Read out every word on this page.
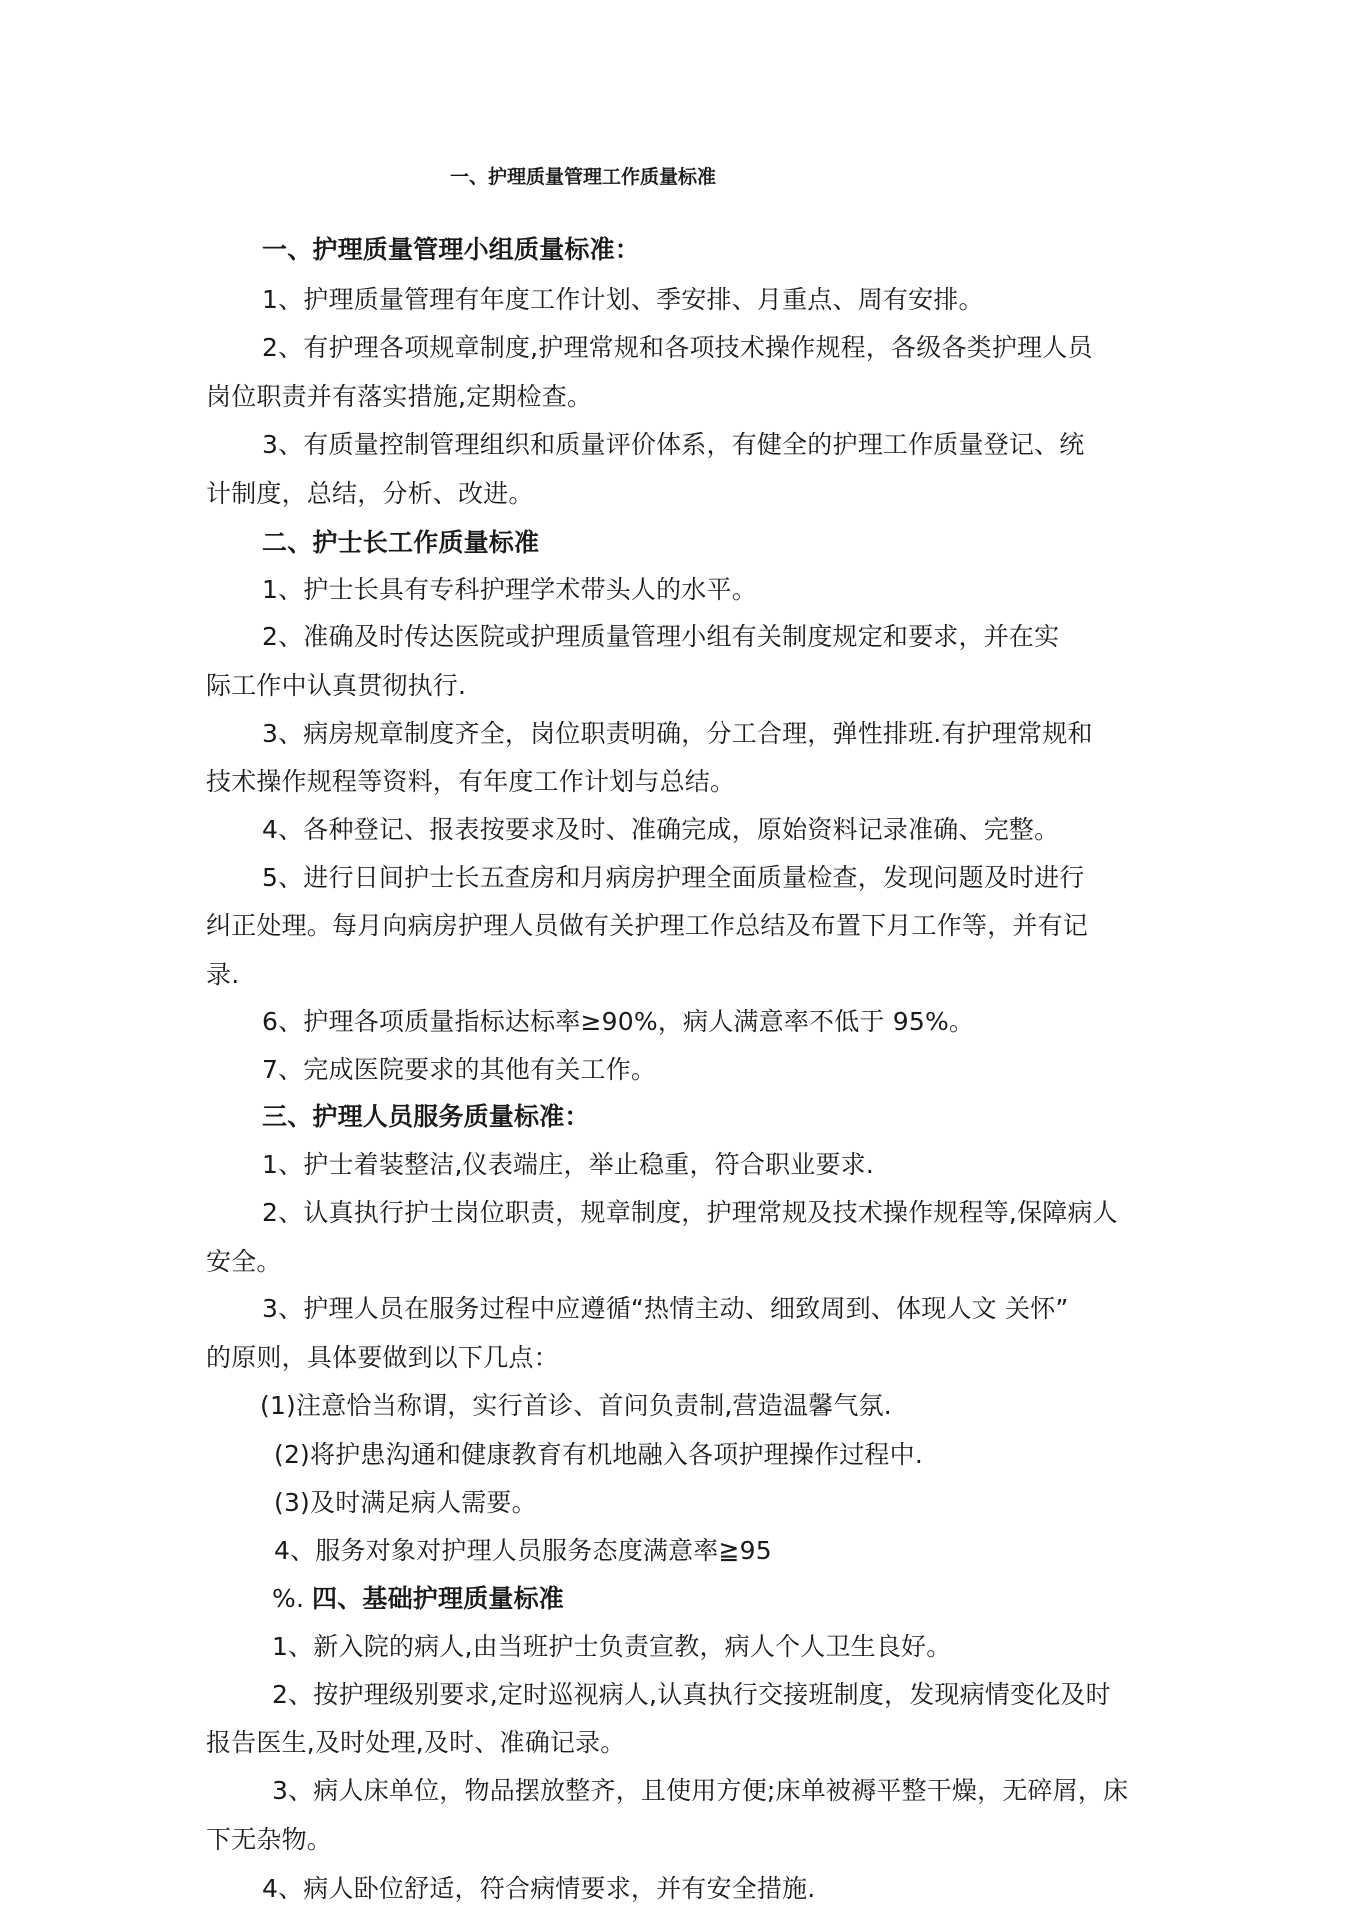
一、护理质量管理工作质量标准
一、护理质量管理小组质量标准：
1、护理质量管理有年度工作计划、季安排、月重点、周有安排。
2、有护理各项规章制度,护理常规和各项技术操作规程，各级各类护理人员
岗位职责并有落实措施,定期检查。
3、有质量控制管理组织和质量评价体系，有健全的护理工作质量登记、统
计制度，总结，分析、改进。
二、护士长工作质量标准
1、护士长具有专科护理学术带头人的水平。
2、准确及时传达医院或护理质量管理小组有关制度规定和要求，并在实
际工作中认真贯彻执行.
3、病房规章制度齐全，岗位职责明确，分工合理，弹性排班.有护理常规和
技术操作规程等资料，有年度工作计划与总结。
4、各种登记、报表按要求及时、准确完成，原始资料记录准确、完整。
5、进行日间护士长五查房和月病房护理全面质量检查，发现问题及时进行
纠正处理。每月向病房护理人员做有关护理工作总结及布置下月工作等，并有记
录.
6、护理各项质量指标达标率≥90%，病人满意率不低于 95%。
7、完成医院要求的其他有关工作。
三、护理人员服务质量标准：
1、护士着装整洁,仪表端庄，举止稳重，符合职业要求.
2、认真执行护士岗位职责，规章制度，护理常规及技术操作规程等,保障病人
安全。
3、护理人员在服务过程中应遵循“热情主动、细致周到、体现人文 关怀”
的原则，具体要做到以下几点：
(1)注意恰当称谓，实行首诊、首问负责制,营造温馨气氛.
(2)将护患沟通和健康教育有机地融入各项护理操作过程中.
(3)及时满足病人需要。
4、服务对象对护理人员服务态度满意率≧95
%. 四、基础护理质量标准
1、新入院的病人,由当班护士负责宣教，病人个人卫生良好。
2、按护理级别要求,定时巡视病人,认真执行交接班制度，发现病情变化及时
报告医生,及时处理,及时、准确记录。
3、病人床单位，物品摆放整齐，且使用方便;床单被褥平整干燥，无碎屑，床
下无杂物。
4、病人卧位舒适，符合病情要求，并有安全措施.
